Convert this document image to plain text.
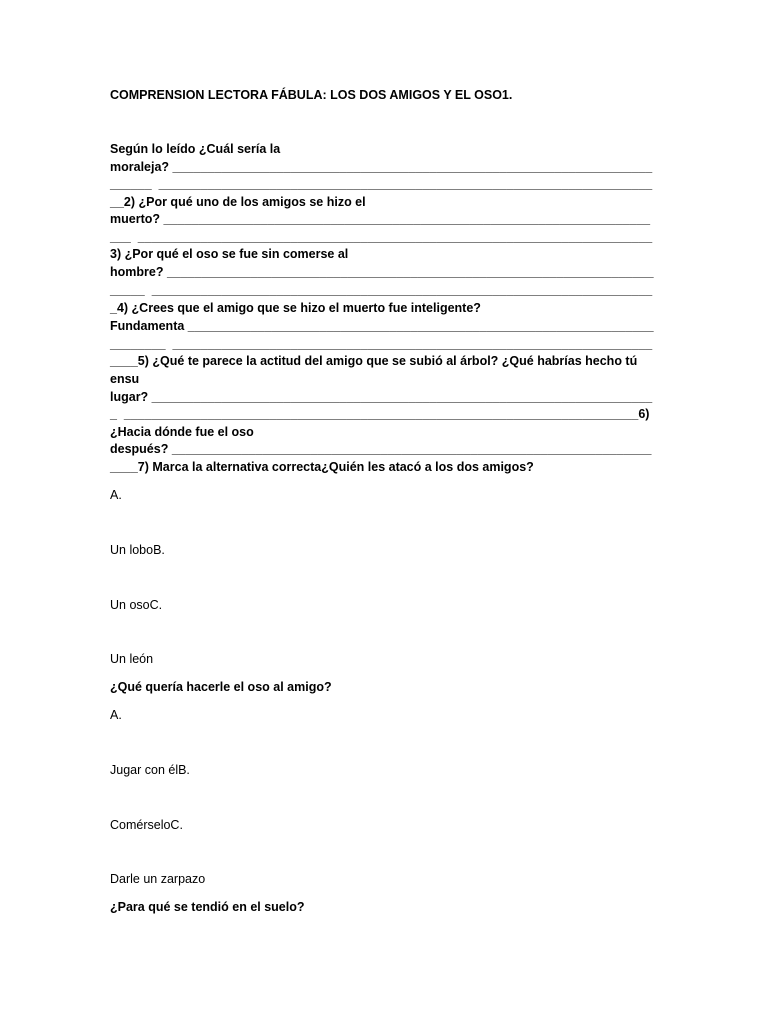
COMPRENSION LECTORA FÁBULA: LOS DOS AMIGOS Y EL OSO1.
Según lo leído ¿Cuál sería la
moraleja? _____________________________________________________________________
______  _______________________________________________________________________
__2) ¿Por qué uno de los amigos se hizo el
muerto? ______________________________________________________________________
___  __________________________________________________________________________
3) ¿Por qué el oso se fue sin comerse al
hombre? ______________________________________________________________________
_____  ________________________________________________________________________
_4) ¿Crees que el amigo que se hizo el muerto fue inteligente?
Fundamenta ___________________________________________________________________
________  _____________________________________________________________________
____5) ¿Qué te parece la actitud del amigo que se subió al árbol? ¿Qué habrías hecho tú
ensu
lugar? ________________________________________________________________________
_  __________________________________________________________________________6)
¿Hacia dónde fue el oso
después? _____________________________________________________________________
____7) Marca la alternativa correcta¿Quién les atacó a los dos amigos?
A.
Un loboB.
Un osoC.
Un león
¿Qué quería hacerle el oso al amigo?
A.
Jugar con élB.
ComérseloC.
Darle un zarpazo
¿Para qué se tendió en el suelo?
